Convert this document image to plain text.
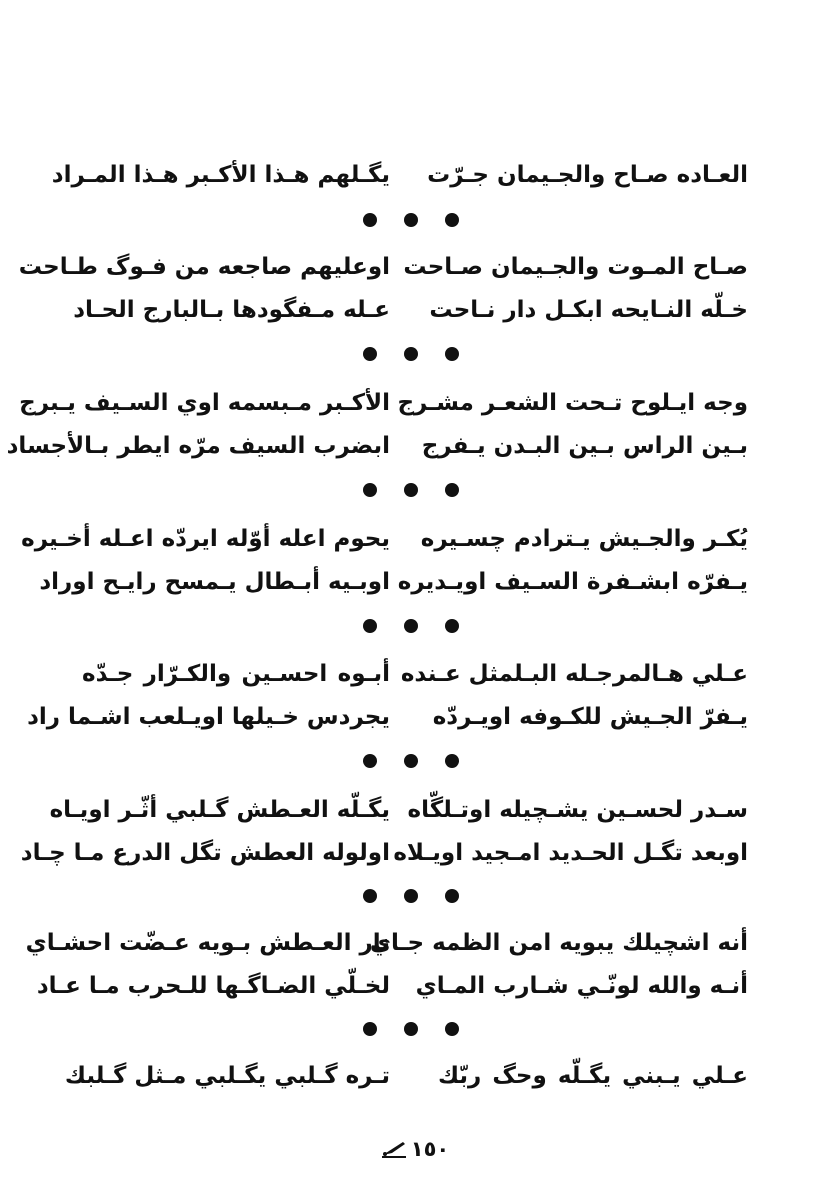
العـاده صـاح والجـيمان جـرّت
يگـلهم هـذا الأكـبر هـذا المـراد
صـاح المـوت والجـيمان صـاحت
اوعليهم صاجعه من فـوگ طـاحت
خـلّه النـايحه ابكـل دار نـاحت
عـله مـفگودها بـالبارج الحـاد
وجه ايـلوح تـحت الشعـر مشـرج
الأكـبر مـبسمه اوي السـيف يـبرج
بـين الراس بـين البـدن يـفرج
ابضرب السيف مرّه ايطر بـالأجساد
يُكـر والجـيش يـترادم چسـيره
يحوم اعله أوّله ايردّه اعـله أخـيره
يـفرّه ابشـفرة السـيف اويـديره
اوبـيه أبـطال يـمسح رايـح اوراد
عـلي هـالمرجـله البـلمثل عـنده
أبـوه احسـين والكـرّار جـدّه
يـفرّ الجـيش للكـوفه اويـردّه
يجردس خـيلها اويـلعب اشـما راد
سـدر لحسـين يشـچيله اوتـلگّاه
يگـلّه العـطش گـلبي أثّـر اويـاه
اوبعد تگـل الحـديد امـجيد اويـلاه
اولوله العطش تگل الدرع مـا چـاد
أنه اشچيلك يبويه امن الظمه جـاي
نار العـطش بـويه عـضّت احشـاي
أنـه والله لونّـي شـارب المـاي
لخـلّي الضـاگـها للـحرب مـا عـاد
عـلي يـبني يگـلّه وحگ ربّك
تـره گـلبي يگـلبي مـثل گـلبك
١٥٠
